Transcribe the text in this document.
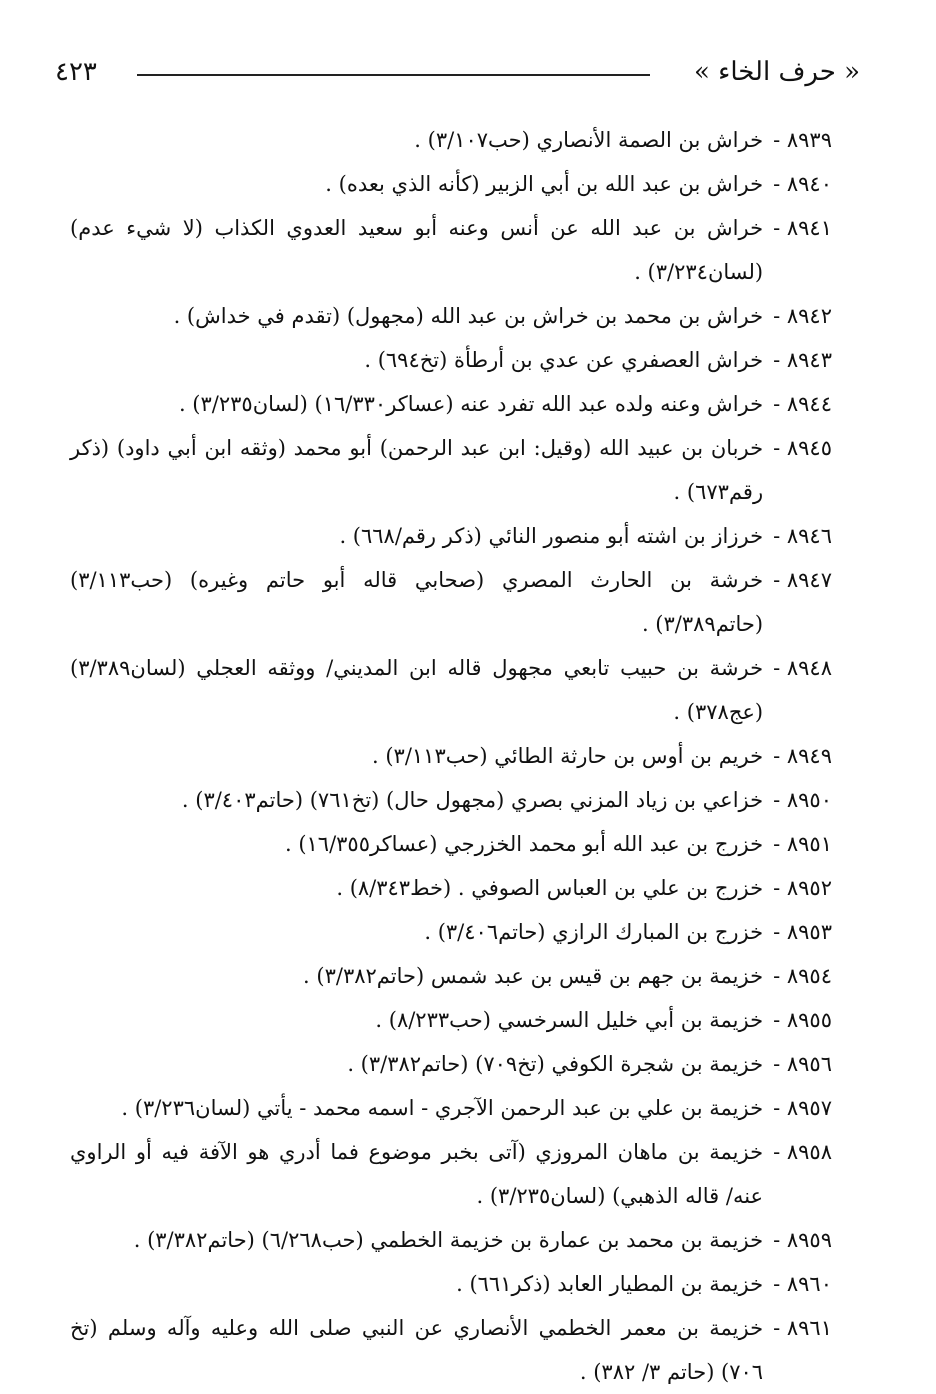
٤٢٣	« حرف الخاء »
٨٩٣٩ -
خراش بن الصمة الأنصاري (حب٣/١٠٧) .
٨٩٤٠ -
خراش بن عبد الله بن أبي الزبير (كأنه الذي بعده) .
٨٩٤١ -
خراش بن عبد الله عن أنس وعنه أبو سعيد العدوي الكذاب (لا شيء عدم) (لسان٣/٢٣٤) .
٨٩٤٢ -
خراش بن محمد بن خراش بن عبد الله (مجهول) (تقدم في خداش) .
٨٩٤٣ -
خراش العصفري عن عدي بن أرطأة (تخ٦٩٤) .
٨٩٤٤ -
خراش وعنه ولده عبد الله تفرد عنه (عساكر١٦/٣٣٠) (لسان٣/٢٣٥) .
٨٩٤٥ -
خربان بن عبيد الله (وقيل: ابن عبد الرحمن) أبو محمد (وثقه ابن أبي داود) (ذكر رقم٦٧٣) .
٨٩٤٦ -
خرزاز بن اشته أبو منصور النائي (ذكر رقم/٦٦٨) .
٨٩٤٧ -
خرشة بن الحارث المصري (صحابي قاله أبو حاتم وغيره) (حب٣/١١٣) (حاتم٣/٣٨٩) .
٨٩٤٨ -
خرشة بن حبيب تابعي مجهول قاله ابن المديني/ ووثقه العجلي (لسان٣/٣٨٩) (عج٣٧٨) .
٨٩٤٩ -
خريم بن أوس بن حارثة الطائي (حب٣/١١٣) .
٨٩٥٠ -
خزاعي بن زياد المزني بصري (مجهول حال) (تخ٧٦١) (حاتم٣/٤٠٣) .
٨٩٥١ -
خزرج بن عبد الله أبو محمد الخزرجي (عساكر١٦/٣٥٥) .
٨٩٥٢ -
خزرج بن علي بن العباس الصوفي . (خط٨/٣٤٣) .
٨٩٥٣ -
خزرج بن المبارك الرازي (حاتم٣/٤٠٦) .
٨٩٥٤ -
خزيمة بن جهم بن قيس بن عبد شمس (حاتم٣/٣٨٢) .
٨٩٥٥ -
خزيمة بن أبي خليل السرخسي (حب٨/٢٣٣) .
٨٩٥٦ -
خزيمة بن شجرة الكوفي (تخ٧٠٩) (حاتم٣/٣٨٢) .
٨٩٥٧ -
خزيمة بن علي بن عبد الرحمن الآجري - اسمه محمد - يأتي (لسان٣/٢٣٦) .
٨٩٥٨ -
خزيمة بن ماهان المروزي (آتى بخبر موضوع فما أدري هو الآفة فيه أو الراوي عنه/ قاله الذهبي) (لسان٣/٢٣٥) .
٨٩٥٩ -
خزيمة بن محمد بن عمارة بن خزيمة الخطمي (حب٦/٢٦٨) (حاتم٣/٣٨٢) .
٨٩٦٠ -
خزيمة بن المطيار العابد (ذكر٦٦١) .
٨٩٦١ -
خزيمة بن معمر الخطمي الأنصاري عن النبي صلى الله وعليه وآله وسلم (تخ ٧٠٦) (حاتم ٣/ ٣٨٢) .
